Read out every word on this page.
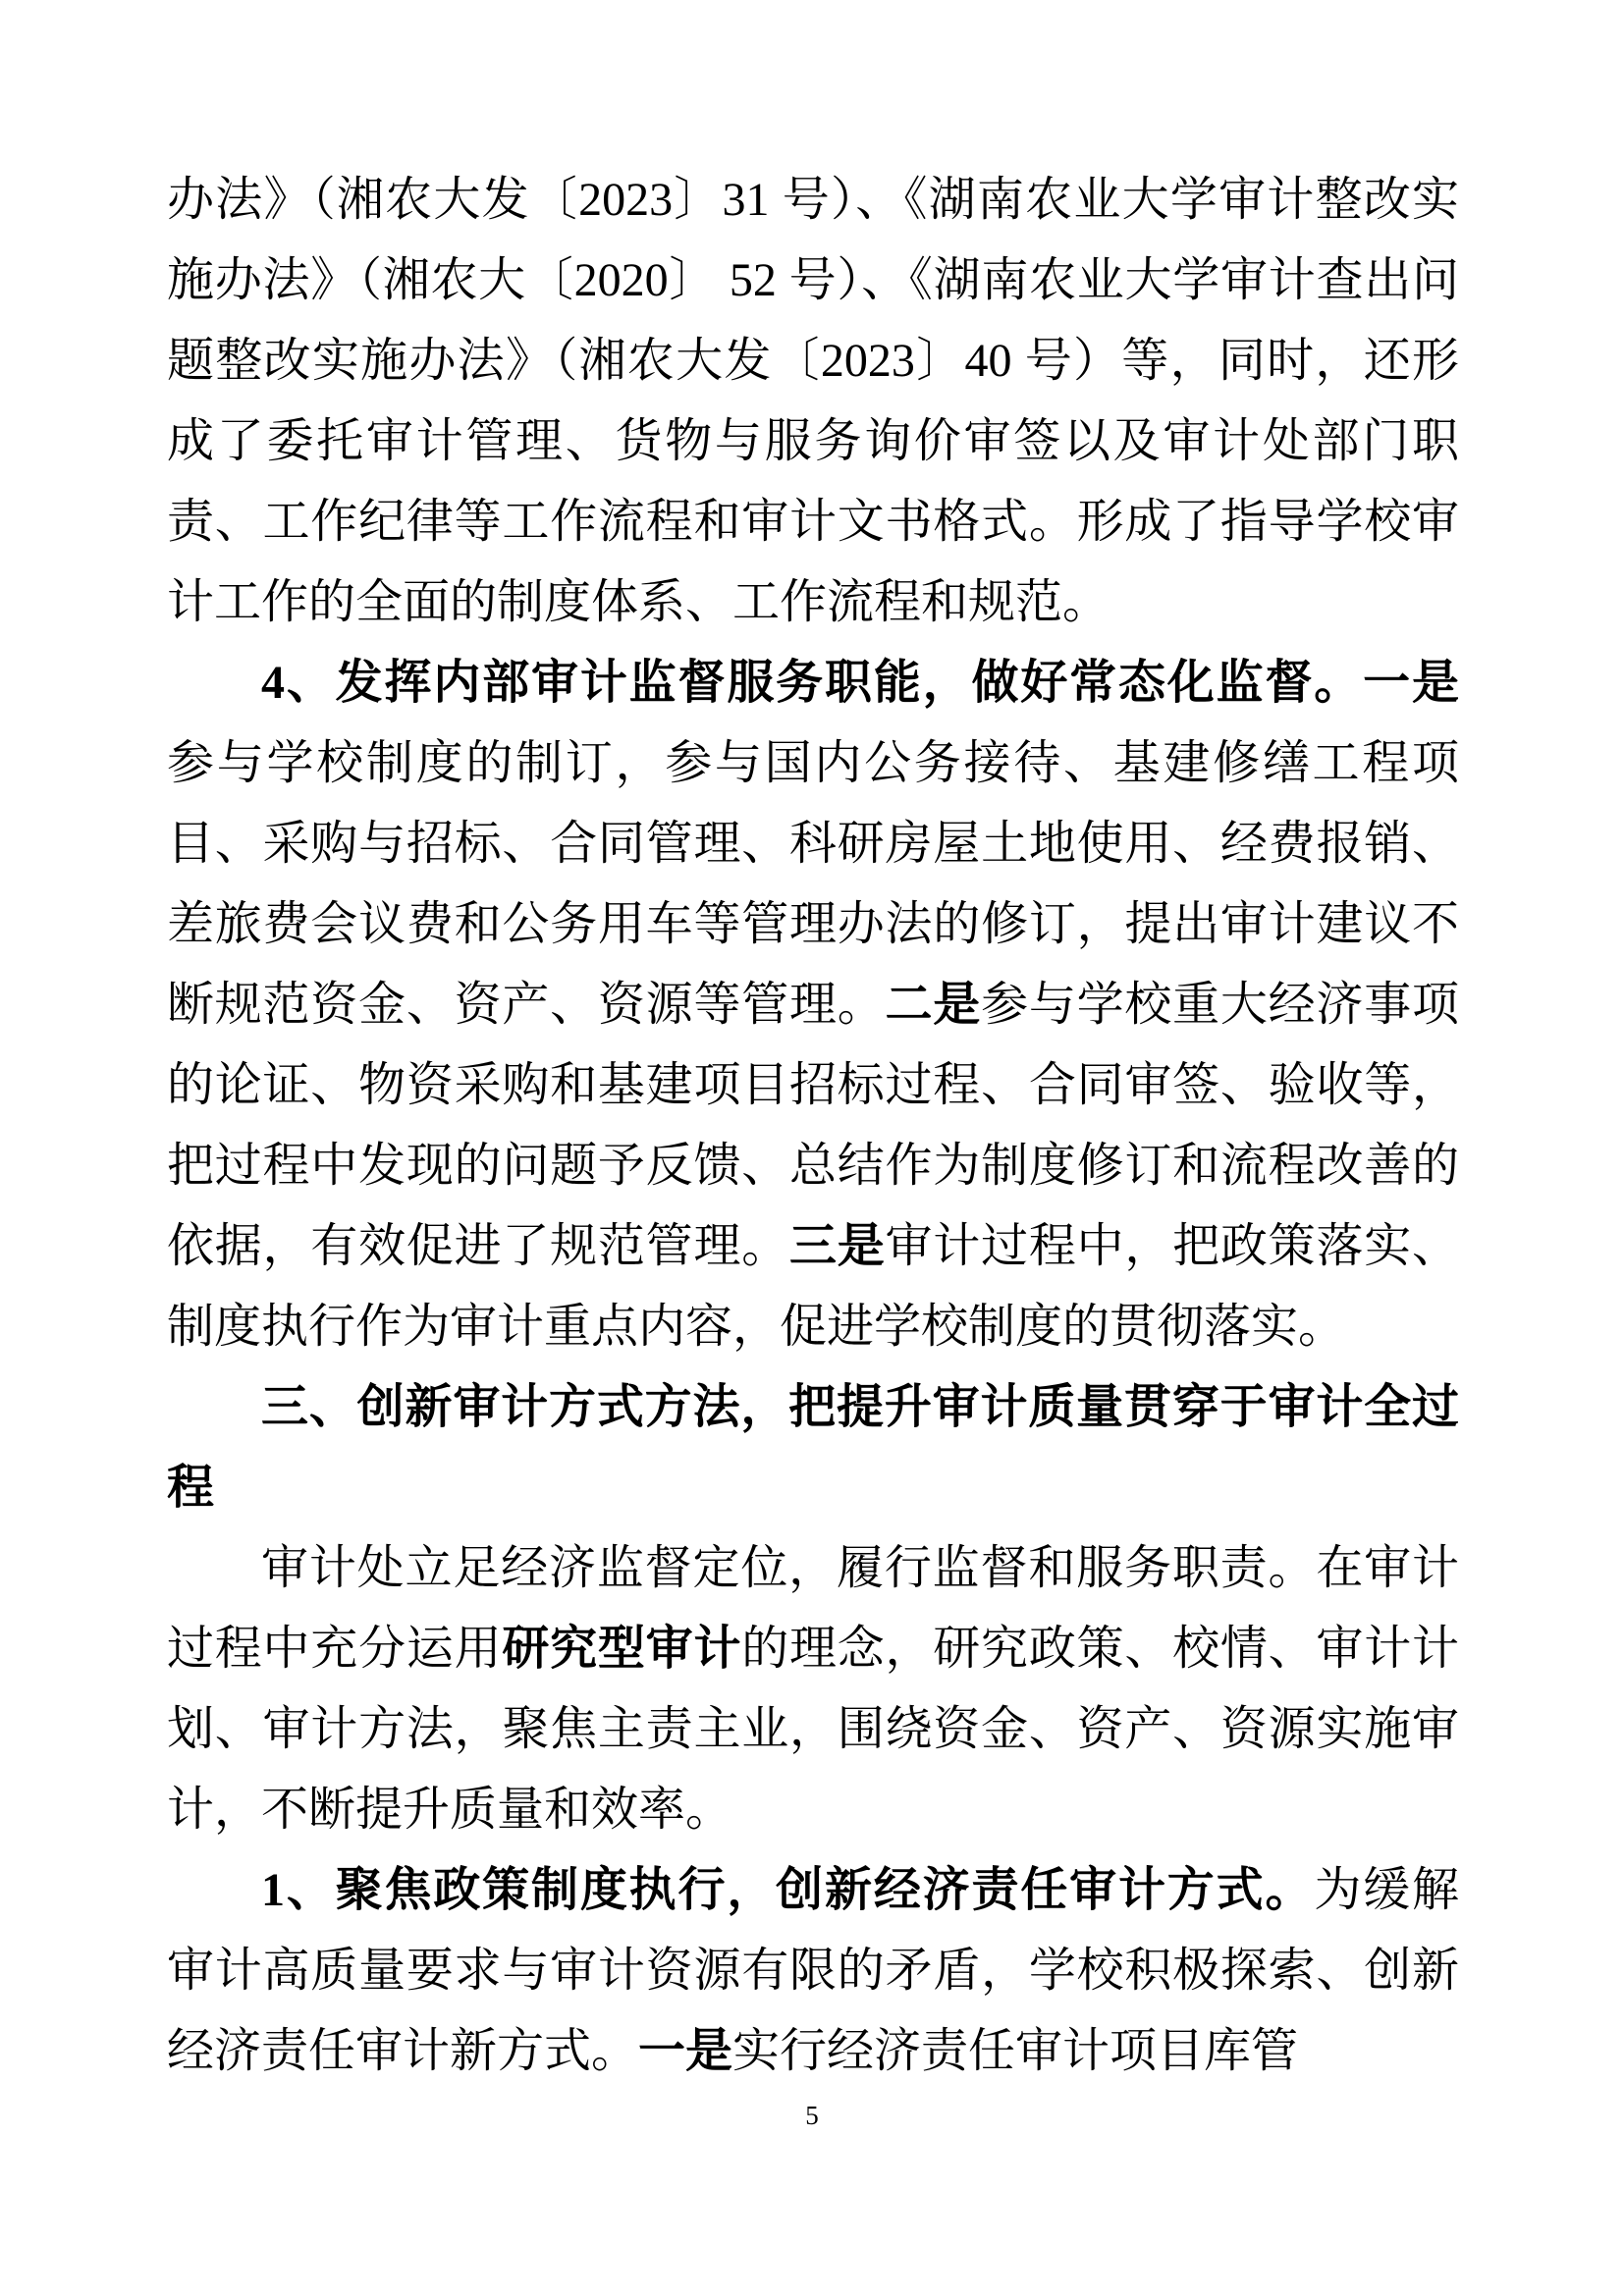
办法》（湘农大发〔2023〕31 号）、《湖南农业大学审计整改实施办法》（湘农大〔2020〕 52 号）、《湖南农业大学审计查出问题整改实施办法》（湘农大发〔2023〕40 号）等，同时，还形成了委托审计管理、货物与服务询价审签以及审计处部门职责、工作纪律等工作流程和审计文书格式。形成了指导学校审计工作的全面的制度体系、工作流程和规范。

4、发挥内部审计监督服务职能，做好常态化监督。一是参与学校制度的制订，参与国内公务接待、基建修缮工程项目、采购与招标、合同管理、科研房屋土地使用、经费报销、差旅费会议费和公务用车等管理办法的修订，提出审计建议不断规范资金、资产、资源等管理。二是参与学校重大经济事项的论证、物资采购和基建项目招标过程、合同审签、验收等，把过程中发现的问题予反馈、总结作为制度修订和流程改善的依据，有效促进了规范管理。三是审计过程中，把政策落实、制度执行作为审计重点内容，促进学校制度的贯彻落实。

三、创新审计方式方法，把提升审计质量贯穿于审计全过程

审计处立足经济监督定位，履行监督和服务职责。在审计过程中充分运用研究型审计的理念，研究政策、校情、审计计划、审计方法，聚焦主责主业，围绕资金、资产、资源实施审计，不断提升质量和效率。

1、聚焦政策制度执行，创新经济责任审计方式。为缓解审计高质量要求与审计资源有限的矛盾，学校积极探索、创新经济责任审计新方式。一是实行经济责任审计项目库管

5
